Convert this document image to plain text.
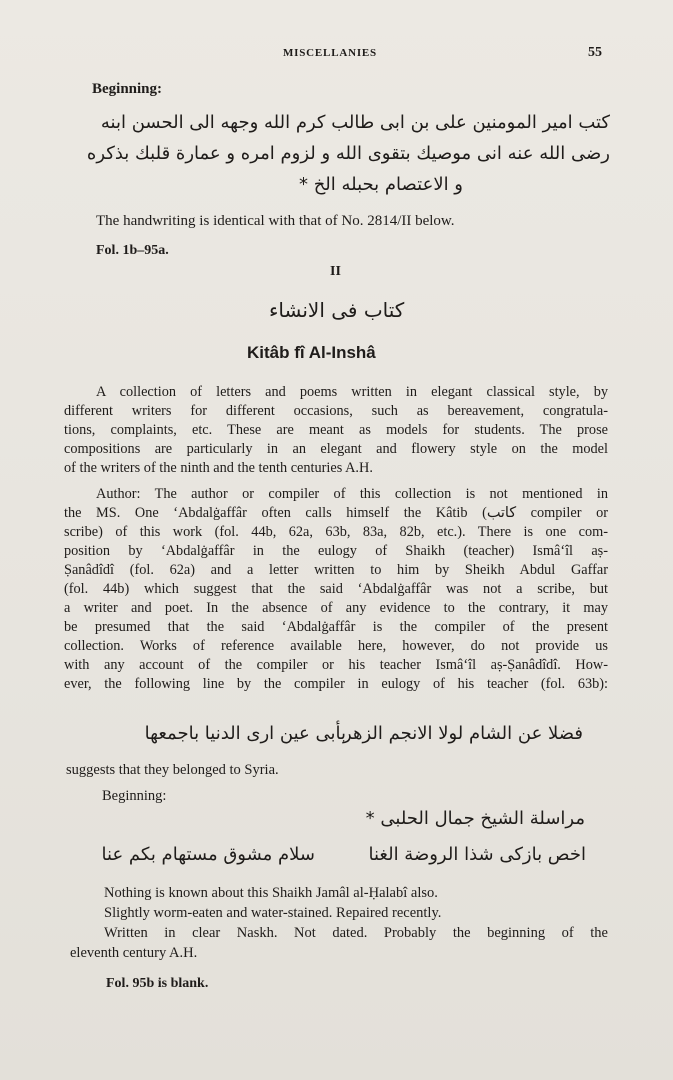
MISCELLANIES	55
Beginning:
كتب امير المومنين على بن ابى طالب كرم الله وجهه الى الحسن ابنه
رضى الله عنه انى موصيك بتقوى الله و لزوم امره و عمارة قلبك بذكره
و الاعتصام بحبله الخ *
The handwriting is identical with that of No. 2814/II below.
Fol. 1b–95a.
II
كتاب فى الانشاء
Kitâb fî Al-Inshâ
A collection of letters and poems written in elegant classical style, by
different writers for different occasions, such as bereavement, congratula-
tions, complaints, etc. These are meant as models for students. The prose
compositions are particularly in an elegant and flowery style on the model
of the writers of the ninth and the tenth centuries A.H.
Author: The author or compiler of this collection is not mentioned in
the MS. One ‘Abdalġaffâr often calls himself the Kâtib (كاتب compiler or
scribe) of this work (fol. 44b, 62a, 63b, 83a, 82b, etc.). There is one com-
position by ‘Abdalġaffâr in the eulogy of Shaikh (teacher) Ismâ‘îl aṣ-
Ṣanâdîdî (fol. 62a) and a letter written to him by Sheikh Abdul Gaffar
(fol. 44b) which suggest that the said ‘Abdalġaffâr was not a scribe, but
a writer and poet. In the absence of any evidence to the contrary, it may
be presumed that the said ‘Abdalġaffâr is the compiler of the present
collection. Works of reference available here, however, do not provide us
with any account of the compiler or his teacher Ismâ‘îl aṣ-Ṣanâdîdî. How-
ever, the following line by the compiler in eulogy of his teacher (fol. 63b):
بأبى عين ارى الدنيا باجمعها
فضلا عن الشام لولا الانجم الزهر
suggests that they belonged to Syria.
Beginning:
مراسلة الشيخ جمال الحلبى *
اخص بازكى شذا الروضة الغنا
سلام مشوق مستهام بكم عنا
Nothing is known about this Shaikh Jamâl al-Ḥalabî also.
Slightly worm-eaten and water-stained. Repaired recently.
Written in clear Naskh. Not dated. Probably the beginning of the
eleventh century A.H.
Fol. 95b is blank.
